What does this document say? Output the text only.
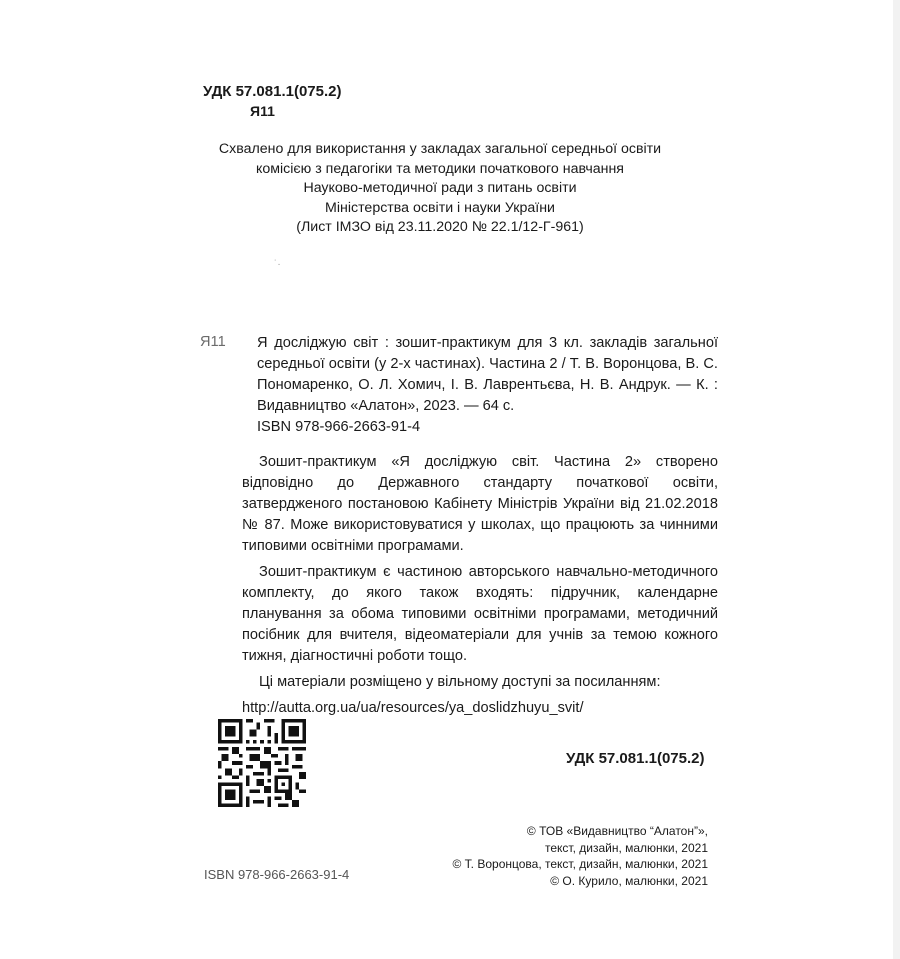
УДК 57.081.1(075.2)
Я11
Схвалено для використання у закладах загальної середньої освіти
комісією з педагогіки та методики початкового навчання
Науково-методичної ради з питань освіти
Міністерства освіти і науки України
(Лист ІМЗО від 23.11.2020 № 22.1/12-Г-961)
˙·
Я11 Я досліджую світ : зошит-практикум для 3 кл. закладів загальної середньої освіти (у 2-х частинах). Частина 2 / Т. В. Воронцова, В. С. Пономаренко, О. Л. Хомич, І. В. Лаврентьєва, Н. В. Андрук. — К. : Видавництво «Алатон», 2023. — 64 с.
ISBN 978-966-2663-91-4

Зошит-практикум «Я досліджую світ. Частина 2» створено відповідно до Державного стандарту початкової освіти, затвердженого постановою Кабінету Міністрів України від 21.02.2018 № 87. Може використовуватися у школах, що працюють за чинними типовими освітніми програмами.

Зошит-практикум є частиною авторського навчально-методичного комплекту, до якого також входять: підручник, календарне планування за обома типовими освітніми програмами, методичний посібник для вчителя, відеоматеріали для учнів за темою кожного тижня, діагностичні роботи тощо.

Ці матеріали розміщено у вільному доступі за посиланням:

http://autta.org.ua/ua/resources/ya_doslidzhuyu_svit/

УДК 57.081.1(075.2)
© ТОВ «Видавництво “Алатон”»,
текст, дизайн, малюнки, 2021
© Т. Воронцова, текст, дизайн, малюнки, 2021
© О. Курило, малюнки, 2021
ISBN 978-966-2663-91-4
